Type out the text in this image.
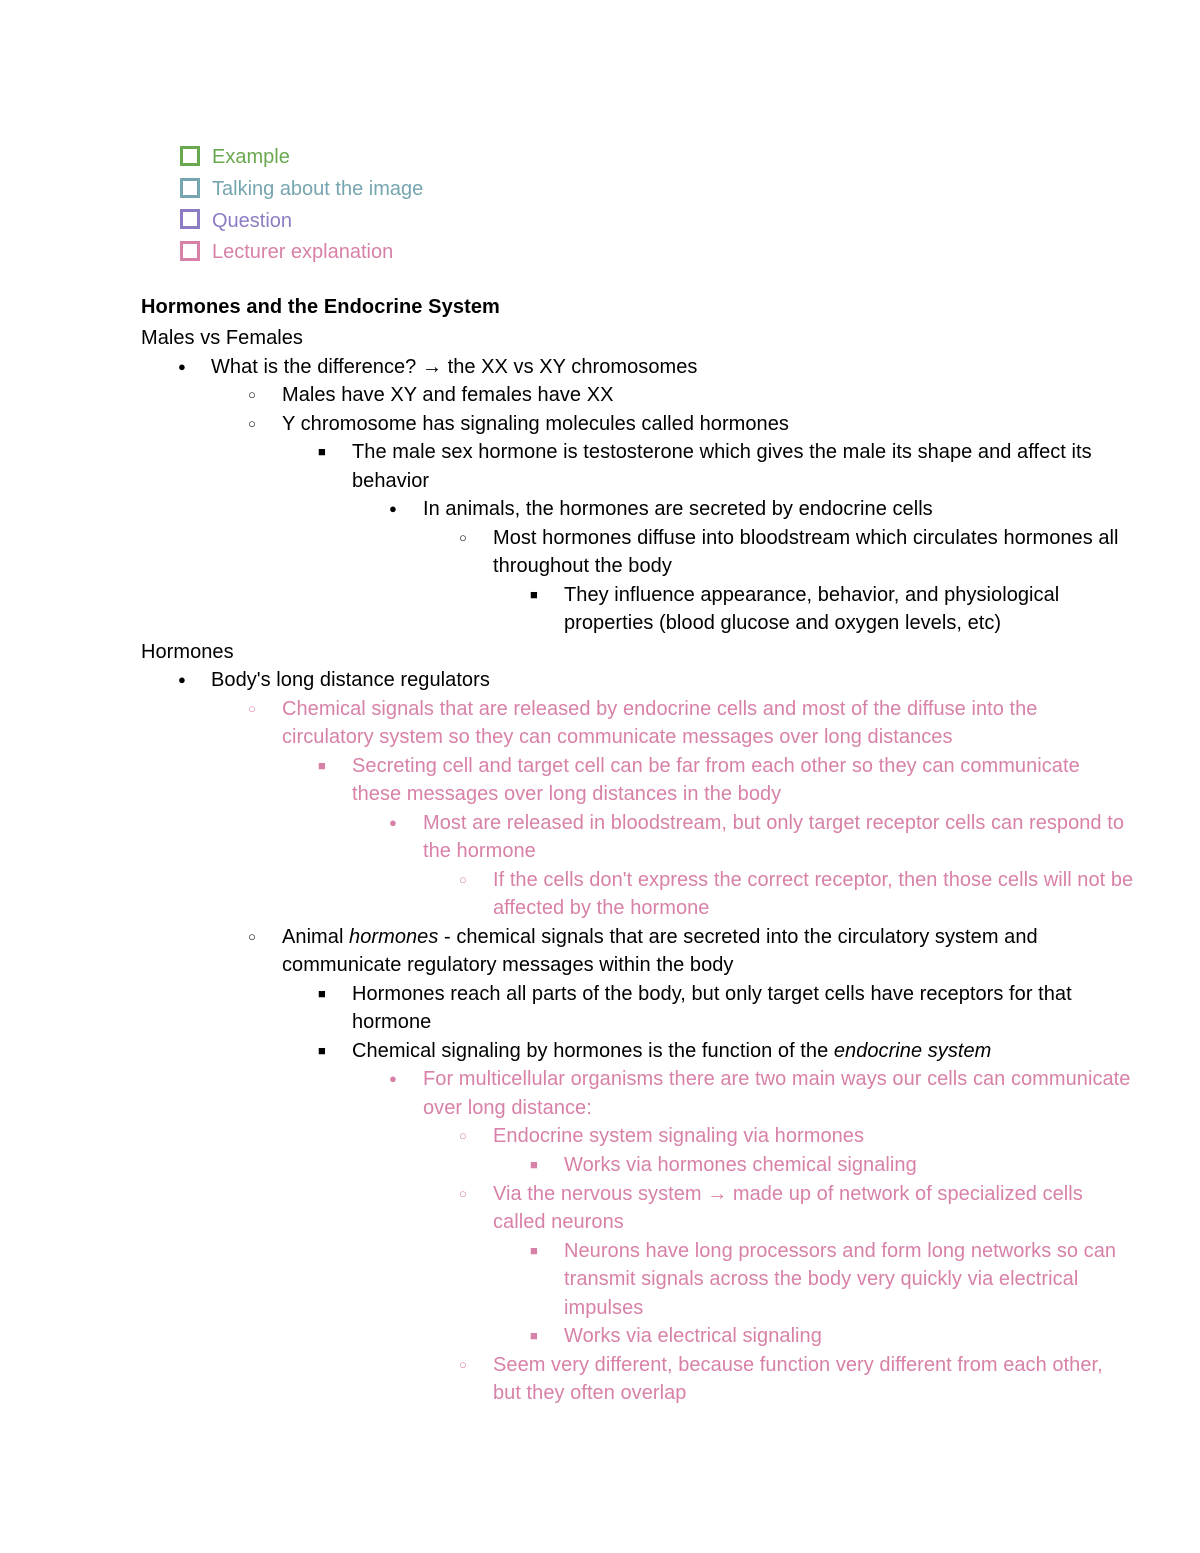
Example
Talking about the image
Question
Lecturer explanation
Hormones and the Endocrine System
Males vs Females
● What is the difference? → the XX vs XY chromosomes
○ Males have XY and females have XX
○ Y chromosome has signaling molecules called hormones
■ The male sex hormone is testosterone which gives the male its shape and affect its
behavior
● In animals, the hormones are secreted by endocrine cells
○ Most hormones diffuse into bloodstream which circulates hormones all
throughout the body
■ They influence appearance, behavior, and physiological
properties (blood glucose and oxygen levels, etc)
Hormones
● Body's long distance regulators
○ Chemical signals that are released by endocrine cells and most of the diffuse into the
circulatory system so they can communicate messages over long distances
■ Secreting cell and target cell can be far from each other so they can communicate
these messages over long distances in the body
● Most are released in bloodstream, but only target receptor cells can respond to
the hormone
○ If the cells don't express the correct receptor, then those cells will not be
affected by the hormone
○ Animal hormones - chemical signals that are secreted into the circulatory system and
communicate regulatory messages within the body
■ Hormones reach all parts of the body, but only target cells have receptors for that
hormone
■ Chemical signaling by hormones is the function of the endocrine system
● For multicellular organisms there are two main ways our cells can communicate
over long distance:
○ Endocrine system signaling via hormones
■ Works via hormones chemical signaling
○ Via the nervous system → made up of network of specialized cells
called neurons
■ Neurons have long processors and form long networks so can
transmit signals across the body very quickly via electrical
impulses
■ Works via electrical signaling
○ Seem very different, because function very different from each other,
but they often overlap
